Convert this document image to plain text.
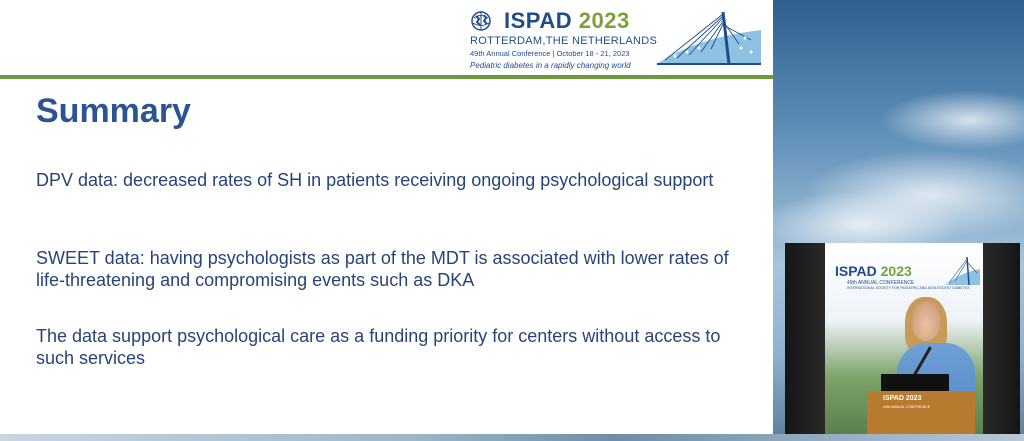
ISPAD 2023
ROTTERDAM,THE NETHERLANDS
49th Annual Conference | October 18 - 21, 2023
Pediatric diabetes in a rapidly changing world
Summary
DPV data: decreased rates of SH in patients receiving ongoing psychological support
SWEET data: having psychologists as part of the MDT is associated with lower rates of life-threatening and compromising events such as DKA
The data support psychological care as a funding priority for centers without access to such services
ISPAD 2023
49th ANNUAL CONFERENCE
INTERNATIONAL SOCIETY FOR PEDIATRIC AND ADOLESCENT DIABETES
ISPAD 2023
49th ANNUAL CONFERENCE
